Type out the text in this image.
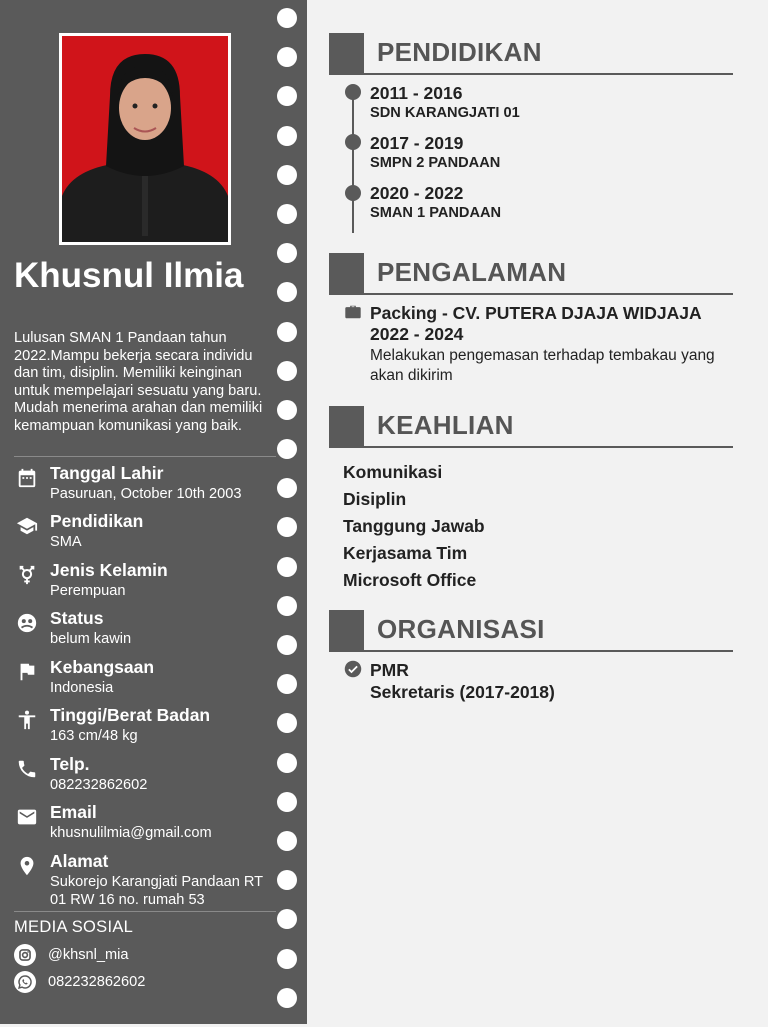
Khusnul Ilmia
Lulusan SMAN 1 Pandaan tahun 2022.Mampu bekerja secara individu dan tim, disiplin. Memiliki keinginan untuk mempelajari sesuatu yang baru. Mudah menerima arahan dan memiliki kemampuan komunikasi yang baik.
Tanggal Lahir
Pasuruan, October 10th 2003
Pendidikan
SMA
Jenis Kelamin
Perempuan
Status
belum kawin
Kebangsaan
Indonesia
Tinggi/Berat Badan
163 cm/48 kg
Telp.
082232862602
Email
khusnulilmia@gmail.com
Alamat
Sukorejo Karangjati Pandaan RT 01 RW 16 no. rumah 53
MEDIA SOSIAL
@khsnl_mia
082232862602
PENDIDIKAN
2011 - 2016
SDN KARANGJATI 01
2017 - 2019
SMPN 2 PANDAAN
2020 - 2022
SMAN 1 PANDAAN
PENGALAMAN
Packing - CV. PUTERA DJAJA WIDJAJA
2022 - 2024
Melakukan pengemasan terhadap tembakau yang akan dikirim
KEAHLIAN
Komunikasi
Disiplin
Tanggung Jawab
Kerjasama Tim
Microsoft Office
ORGANISASI
PMR
Sekretaris (2017-2018)
